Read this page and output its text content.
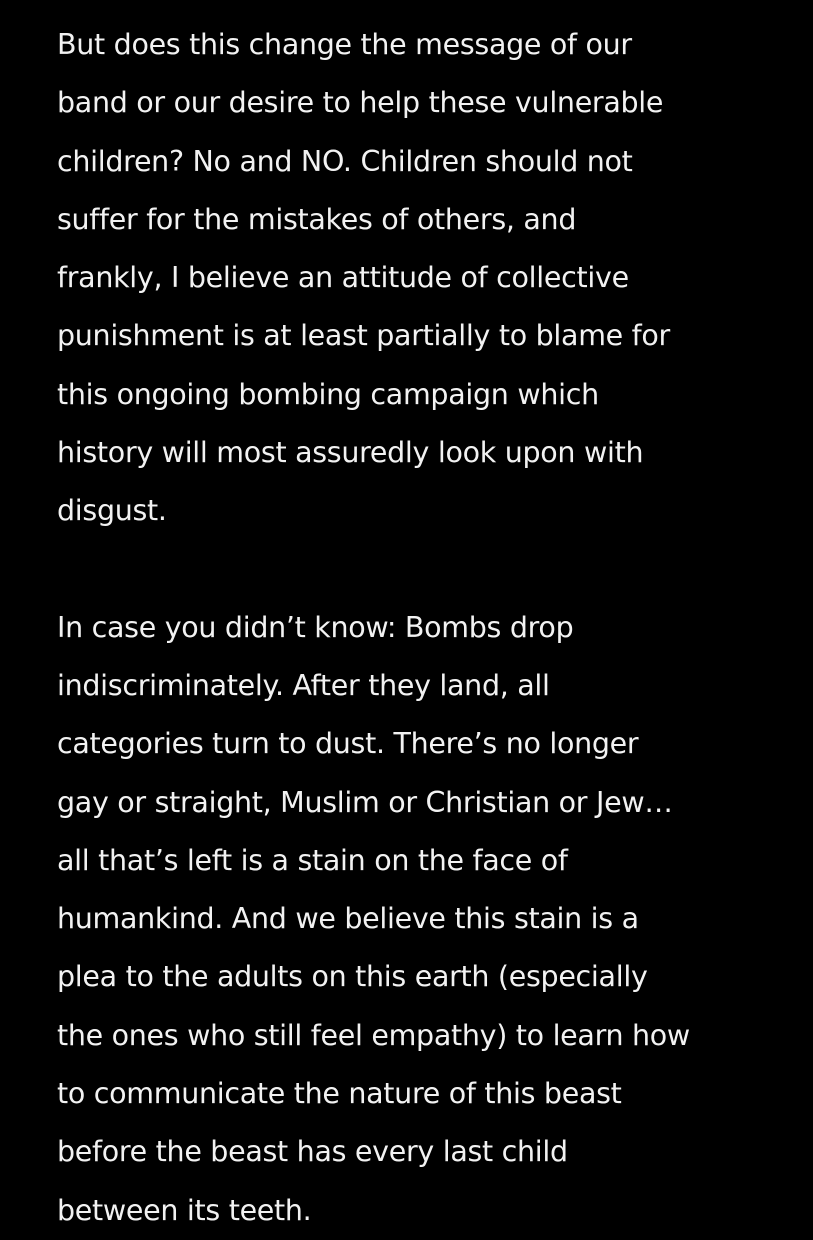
But does this change the message of our
band or our desire to help these vulnerable
children? No and NO. Children should not
suffer for the mistakes of others, and
frankly, I believe an attitude of collective
punishment is at least partially to blame for
this ongoing bombing campaign which
history will most assuredly look upon with
disgust.
In case you didn’t know: Bombs drop
indiscriminately. After they land, all
categories turn to dust. There’s no longer
gay or straight, Muslim or Christian or Jew…
all that’s left is a stain on the face of
humankind. And we believe this stain is a
plea to the adults on this earth (especially
the ones who still feel empathy) to learn how
to communicate the nature of this beast
before the beast has every last child
between its teeth.
